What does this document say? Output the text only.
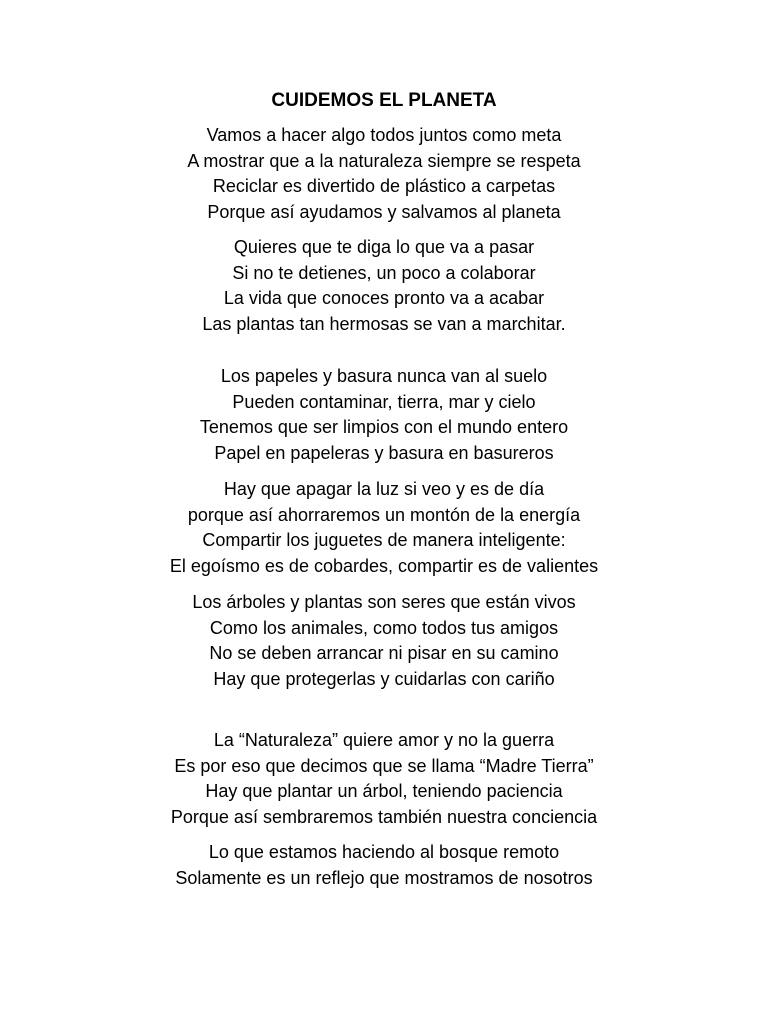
CUIDEMOS EL PLANETA
Vamos a hacer algo todos juntos como meta
A mostrar que a la naturaleza siempre se respeta
Reciclar es divertido de plástico a carpetas
Porque así ayudamos y salvamos al planeta
Quieres que te diga lo que va a pasar
Si no te detienes, un poco a colaborar
La vida que conoces pronto va a acabar
Las plantas tan hermosas se van a marchitar.
Los papeles y basura nunca van al suelo
Pueden contaminar, tierra, mar y cielo
Tenemos que ser limpios con el mundo entero
Papel en papeleras y basura en basureros
Hay que apagar la luz si veo y es de día
porque así ahorraremos un montón de la energía
Compartir los juguetes de manera inteligente:
El egoísmo es de cobardes, compartir es de valientes
Los árboles y plantas son seres que están vivos
Como los animales, como todos tus amigos
No se deben arrancar ni pisar en su camino
Hay que protegerlas y cuidarlas con cariño
La “Naturaleza” quiere amor y no la guerra
Es por eso que decimos que se llama “Madre Tierra”
Hay que plantar un árbol, teniendo paciencia
Porque así sembraremos también nuestra conciencia
Lo que estamos haciendo al bosque remoto
Solamente es un reflejo que mostramos de nosotros
